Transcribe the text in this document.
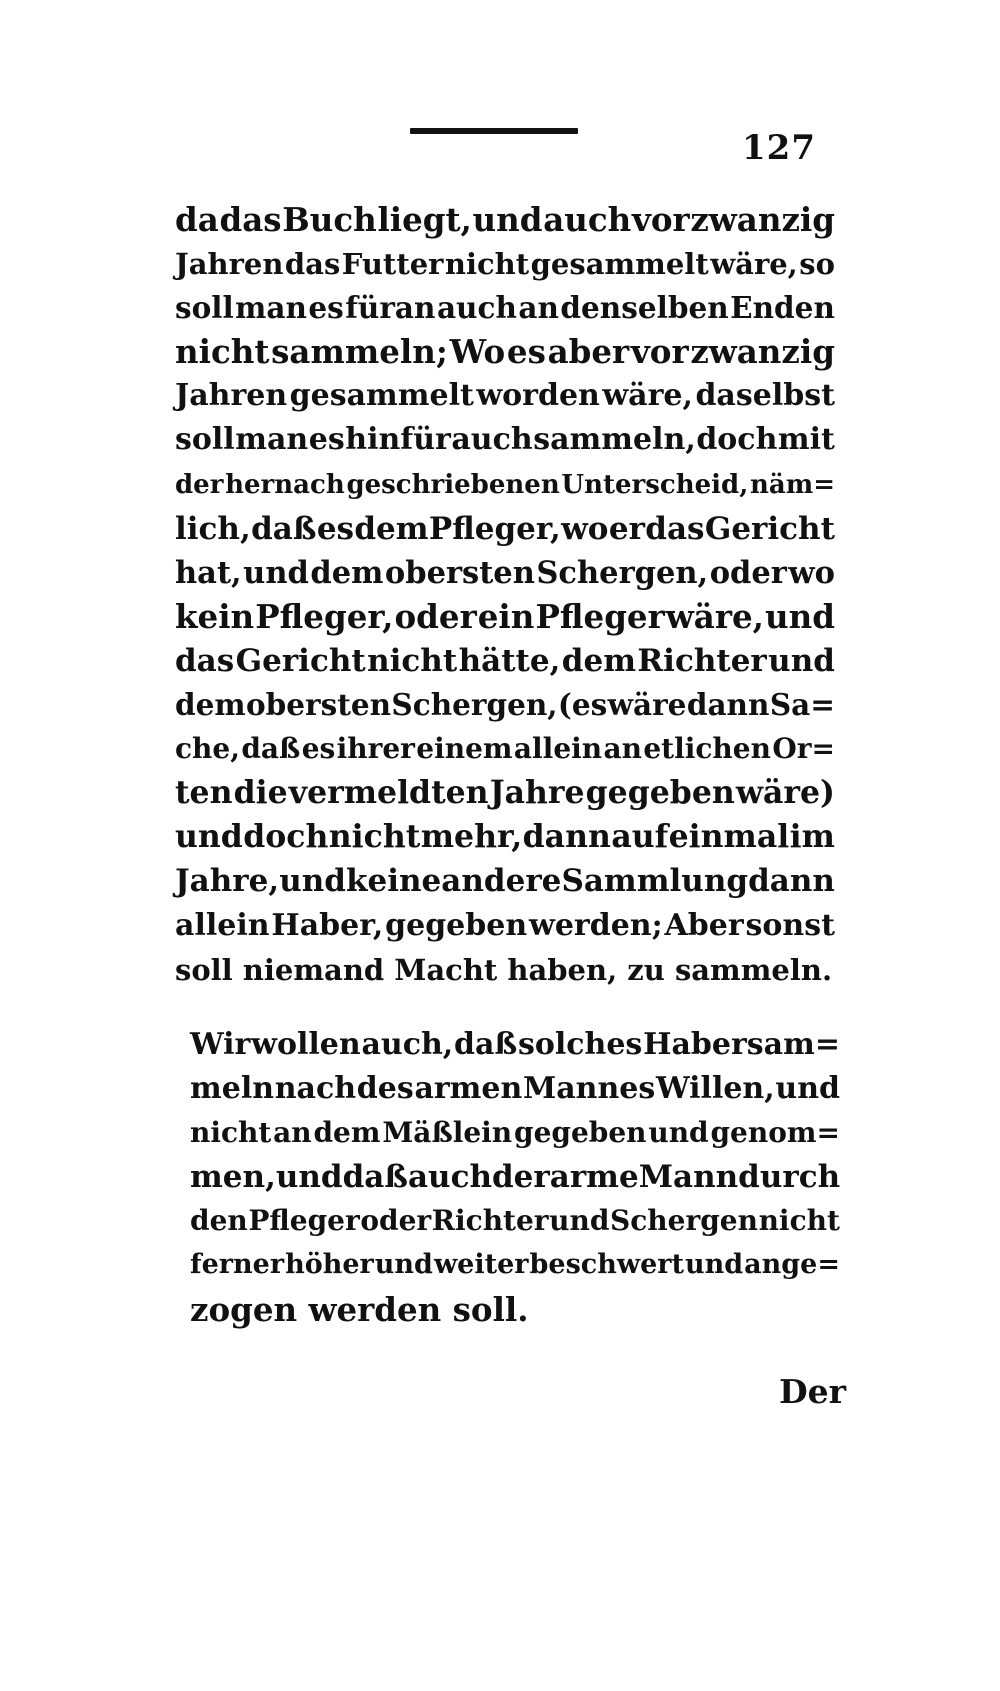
127
da das Buch liegt, und auch vor zwanzig
Jahren das Futter nicht gesammelt wäre, so
soll man es füran auch an denselben Enden
nicht sammeln; Wo es aber vor zwanzig
Jahren gesammelt worden wäre, daselbst
soll man es hinfür auch sammeln, doch mit
der hernach geschriebenen Unterscheid, näm=
lich, daß es dem Pfleger, wo er das Gericht
hat, und dem obersten Schergen, oder wo
kein Pfleger, oder ein Pfleger wäre, und
das Gericht nicht hätte, dem Richter und
dem obersten Schergen, (es wäre dann Sa=
che, daß es ihrer einem allein an etlichen Or=
ten die vermeldten Jahre gegeben wäre)
und doch nicht mehr, dann auf einmal im
Jahre, und keine andere Sammlung dann
allein Haber, gegeben werden; Aber sonst
soll niemand Macht haben, zu sammeln.
Wir wollen auch, daß solches Habersam=
meln nach des armen Mannes Willen, und
nicht an dem Mäßlein gegeben und genom=
men, und daß auch der arme Mann durch
den Pfleger oder Richter und Schergen nicht
ferner höher und weiter beschwert und ange=
zogen werden soll.
Der
